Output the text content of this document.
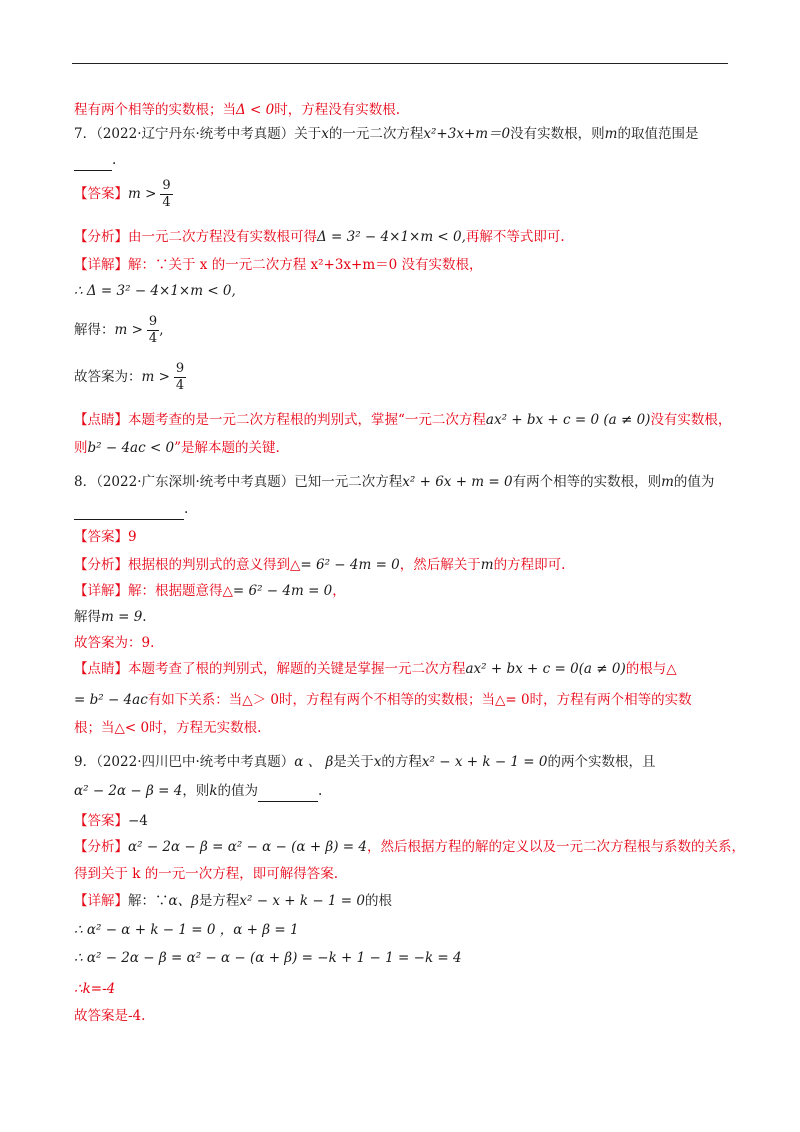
程有两个相等的实数根；当Δ < 0时，方程没有实数根.
7．（2022·辽宁丹东·统考中考真题）关于x的一元二次方程x²+3x+m＝0没有实数根，则m的取值范围是
.
【答案】$m > \frac{9}{4}$
【分析】由一元二次方程没有实数根可得Δ = 3² − 4×1×m < 0,再解不等式即可.
【详解】解：∵关于 x 的一元二次方程 x²+3x+m＝0 没有实数根，
∴ Δ = 3² − 4×1×m < 0,
解得：$m > \frac{9}{4}$ ,
故答案为：$m > \frac{9}{4}$
【点睛】本题考查的是一元二次方程根的判别式，掌握“一元二次方程ax² + bx + c = 0 (a ≠ 0)没有实数根，
则b² − 4ac < 0”是解本题的关键.
8．（2022·广东深圳·统考中考真题）已知一元二次方程x² + 6x + m = 0有两个相等的实数根，则m的值为
.
【答案】9
【分析】根据根的判别式的意义得到△= 6² − 4m = 0，然后解关于m的方程即可.
【详解】解：根据题意得△= 6² − 4m = 0，
解得m = 9.
故答案为：9.
【点睛】本题考查了根的判别式，解题的关键是掌握一元二次方程ax² + bx + c = 0(a ≠ 0)的根与△
= b² − 4ac有如下关系：当△＞ 0时，方程有两个不相等的实数根；当△= 0时，方程有两个相等的实数
根；当△< 0时，方程无实数根.
9．（2022·四川巴中·统考中考真题）α 、 β是关于x的方程x² − x + k − 1 = 0的两个实数根，且
α² − 2α − β = 4，则k的值为	.
【答案】−4
【分析】α² − 2α − β = α² − α − (α + β) = 4，然后根据方程的解的定义以及一元二次方程根与系数的关系，
得到关于 k 的一元一次方程，即可解得答案.
【详解】解：∵α、β是方程x² − x + k − 1 = 0的根
∴ α² − α + k − 1 = 0 ，α + β = 1
∴ α² − 2α − β = α² − α − (α + β) = −k + 1 − 1 = −k = 4
∴k=-4
故答案是-4.
